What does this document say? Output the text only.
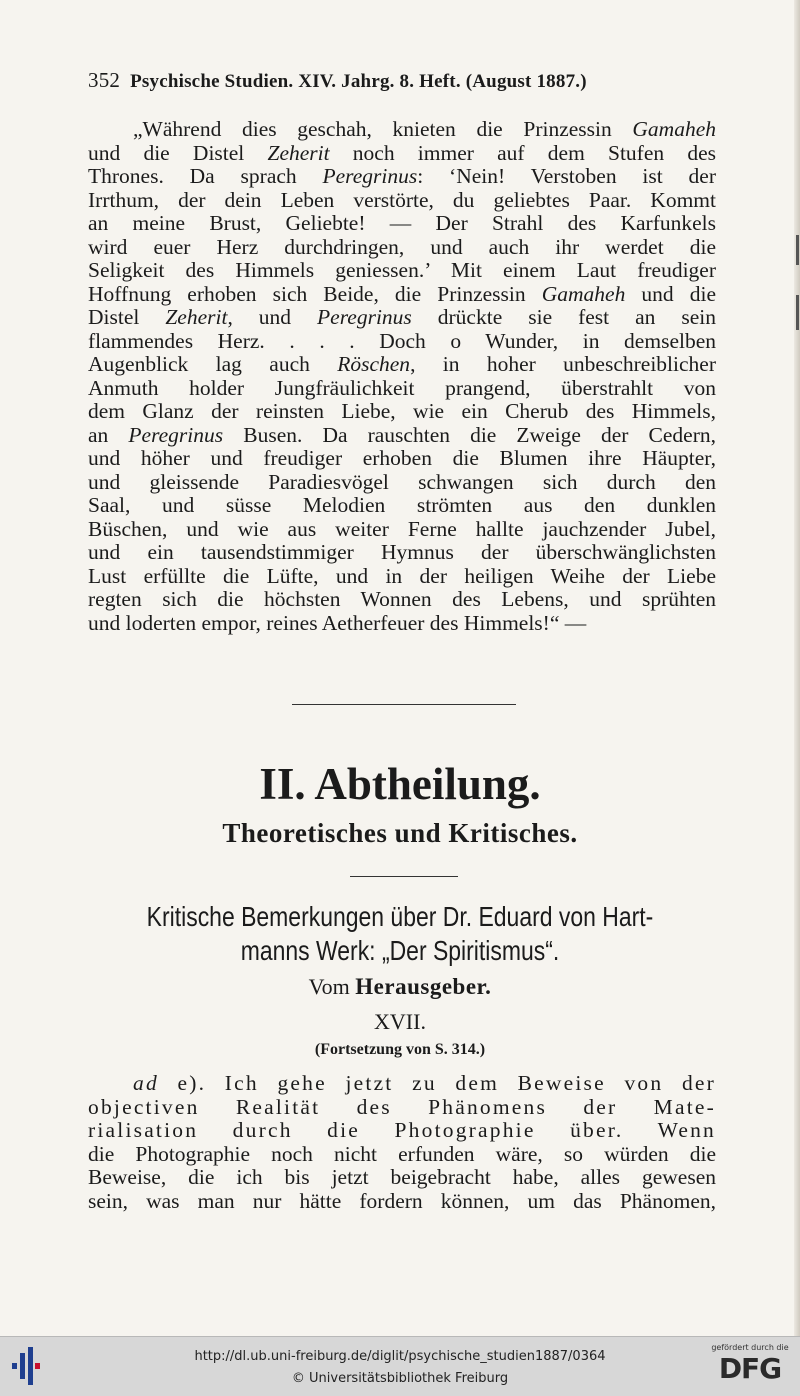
352 Psychische Studien. XIV. Jahrg. 8. Heft. (August 1887.)
„Während dies geschah, knieten die Prinzessin Gamaheh
und die Distel Zeherit noch immer auf dem Stufen des
Thrones. Da sprach Peregrinus: ‘Nein! Verstoben ist der
Irrthum, der dein Leben verstörte, du geliebtes Paar. Kommt
an meine Brust, Geliebte! — Der Strahl des Karfunkels
wird euer Herz durchdringen, und auch ihr werdet die
Seligkeit des Himmels geniessen.’ Mit einem Laut freudiger
Hoffnung erhoben sich Beide, die Prinzessin Gamaheh und die
Distel Zeherit, und Peregrinus drückte sie fest an sein
flammendes Herz. . . . Doch o Wunder, in demselben
Augenblick lag auch Röschen, in hoher unbeschreiblicher
Anmuth holder Jungfräulichkeit prangend, überstrahlt von
dem Glanz der reinsten Liebe, wie ein Cherub des Himmels,
an Peregrinus Busen. Da rauschten die Zweige der Cedern,
und höher und freudiger erhoben die Blumen ihre Häupter,
und gleissende Paradiesvögel schwangen sich durch den
Saal, und süsse Melodien strömten aus den dunklen
Büschen, und wie aus weiter Ferne hallte jauchzender Jubel,
und ein tausendstimmiger Hymnus der überschwänglichsten
Lust erfüllte die Lüfte, und in der heiligen Weihe der Liebe
regten sich die höchsten Wonnen des Lebens, und sprühten
und loderten empor, reines Aetherfeuer des Himmels!“ —
II. Abtheilung.
Theoretisches und Kritisches.
Kritische Bemerkungen über Dr. Eduard von Hart-
manns Werk: „Der Spiritismus“.
Vom Herausgeber.
XVII.
(Fortsetzung von S. 314.)
ad e). Ich gehe jetzt zu dem Beweise von der
objectiven Realität des Phänomens der Mate-
rialisation durch die Photographie über. Wenn
die Photographie noch nicht erfunden wäre, so würden die
Beweise, die ich bis jetzt beigebracht habe, alles gewesen
sein, was man nur hätte fordern können, um das Phänomen,
http://dl.ub.uni-freiburg.de/diglit/psychische_studien1887/0364
© Universitätsbibliothek Freiburg
gefördert durch die
DFG
